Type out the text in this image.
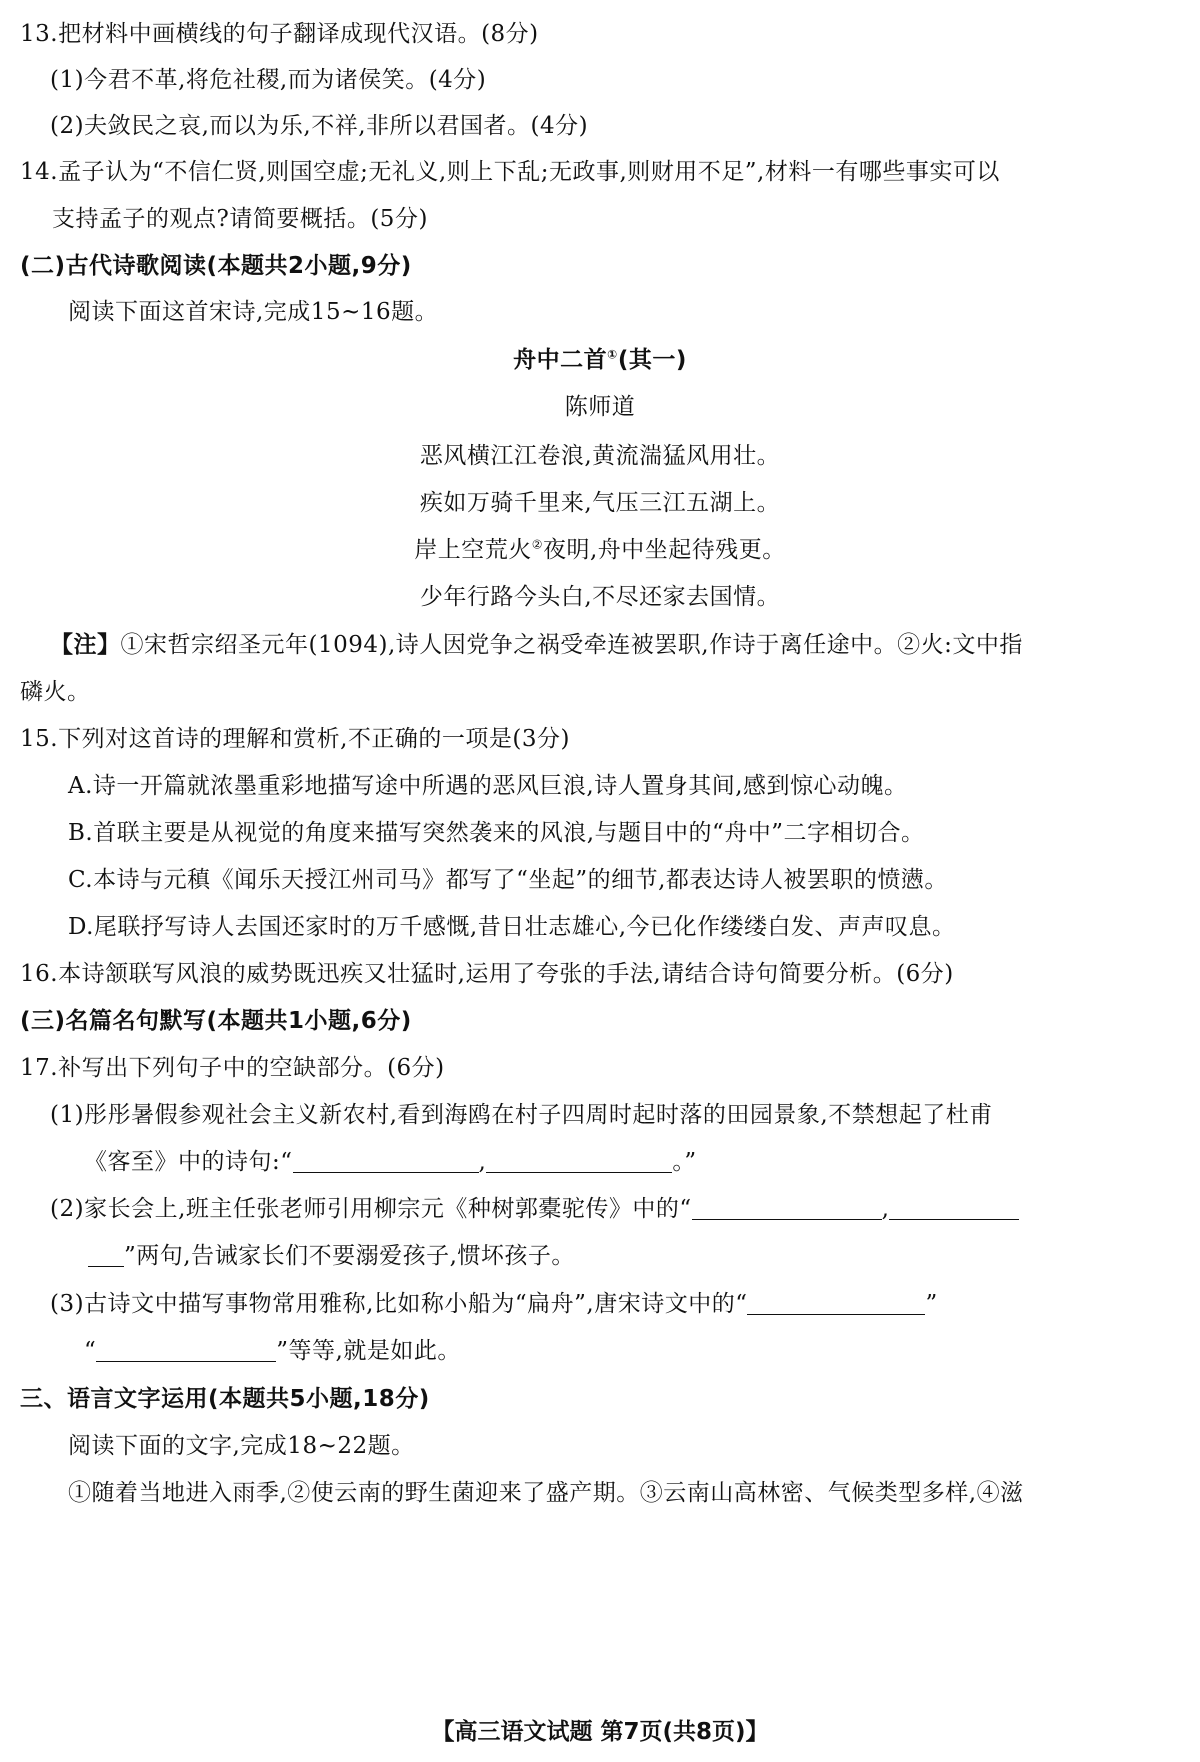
13.把材料中画横线的句子翻译成现代汉语。(8分)
(1)今君不革,将危社稷,而为诸侯笑。(4分)
(2)夫敛民之哀,而以为乐,不祥,非所以君国者。(4分)
14.孟子认为“不信仁贤,则国空虚;无礼义,则上下乱;无政事,则财用不足”,材料一有哪些事实可以
支持孟子的观点?请简要概括。(5分)
(二)古代诗歌阅读(本题共2小题,9分)
阅读下面这首宋诗,完成15~16题。
舟中二首①(其一)
陈师道
恶风横江江卷浪,黄流湍猛风用壮。
疾如万骑千里来,气压三江五湖上。
岸上空荒火②夜明,舟中坐起待残更。
少年行路今头白,不尽还家去国情。
【注】①宋哲宗绍圣元年(1094),诗人因党争之祸受牵连被罢职,作诗于离任途中。②火:文中指
磷火。
15.下列对这首诗的理解和赏析,不正确的一项是(3分)
A.诗一开篇就浓墨重彩地描写途中所遇的恶风巨浪,诗人置身其间,感到惊心动魄。
B.首联主要是从视觉的角度来描写突然袭来的风浪,与题目中的“舟中”二字相切合。
C.本诗与元稹《闻乐天授江州司马》都写了“坐起”的细节,都表达诗人被罢职的愤懑。
D.尾联抒写诗人去国还家时的万千感慨,昔日壮志雄心,今已化作缕缕白发、声声叹息。
16.本诗颔联写风浪的威势既迅疾又壮猛时,运用了夸张的手法,请结合诗句简要分析。(6分)
(三)名篇名句默写(本题共1小题,6分)
17.补写出下列句子中的空缺部分。(6分)
(1)彤彤暑假参观社会主义新农村,看到海鸥在村子四周时起时落的田园景象,不禁想起了杜甫
《客至》中的诗句:“	,	。”
(2)家长会上,班主任张老师引用柳宗元《种树郭橐驼传》中的“	,
”两句,告诫家长们不要溺爱孩子,惯坏孩子。
(3)古诗文中描写事物常用雅称,比如称小船为“扁舟”,唐宋诗文中的“	”
“	”等等,就是如此。
三、语言文字运用(本题共5小题,18分)
阅读下面的文字,完成18~22题。
①随着当地进入雨季,②使云南的野生菌迎来了盛产期。③云南山高林密、气候类型多样,④滋
【高三语文试题 第7页(共8页)】
